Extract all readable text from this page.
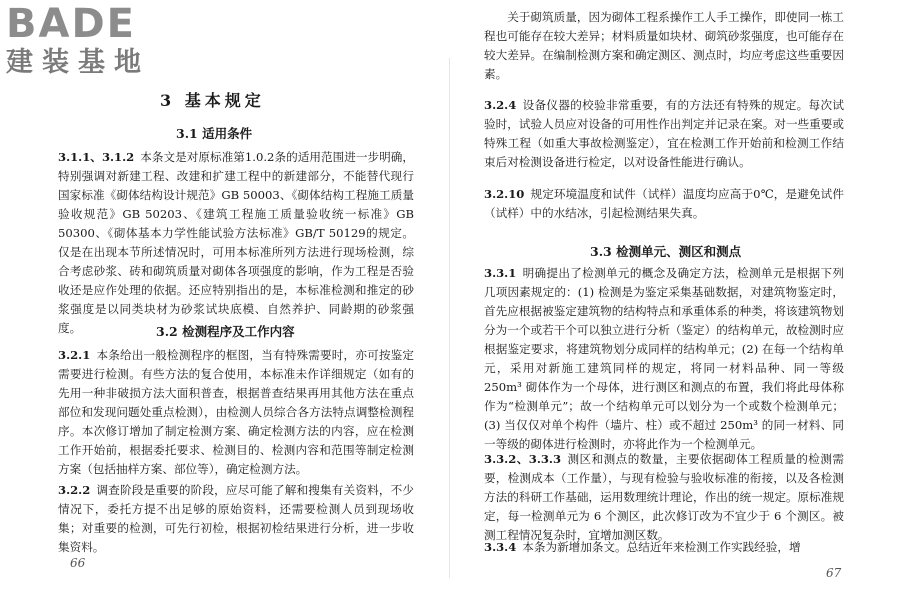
BADE
建装基地
3 基本规定
3.1 适用条件
3.1.1、3.1.2 本条文是对原标准第1.0.2条的适用范围进一步明确，特别强调对新建工程、改建和扩建工程中的新建部分，不能替代现行国家标准《砌体结构设计规范》GB 50003、《砌体结构工程施工质量验收规范》GB 50203、《建筑工程施工质量验收统一标准》GB 50300、《砌体基本力学性能试验方法标准》GB/T 50129的规定。仅是在出现本节所述情况时，可用本标准所列方法进行现场检测，综合考虑砂浆、砖和砌筑质量对砌体各项强度的影响，作为工程是否验收还是应作处理的依据。还应特别指出的是，本标准检测和推定的砂浆强度是以同类块材为砂浆试块底模、自然养护、同龄期的砂浆强度。	3.2 检测程序及工作内容
3.2.1 本条给出一般检测程序的框图，当有特殊需要时，亦可按鉴定需要进行检测。有些方法的复合使用，本标准未作详细规定（如有的先用一种非破损方法大面积普查，根据普查结果再用其他方法在重点部位和发现问题处重点检测），由检测人员综合各方法特点调整检测程序。本次修订增加了制定检测方案、确定检测方法的内容，应在检测工作开始前，根据委托要求、检测目的、检测内容和范围等制定检测方案（包括抽样方案、部位等），确定检测方法。
3.2.2 调查阶段是重要的阶段，应尽可能了解和搜集有关资料，不少情况下，委托方提不出足够的原始资料，还需要检测人员到现场收集；对重要的检测，可先行初检，根据初检结果进行分析，进一步收集资料。
66
关于砌筑质量，因为砌体工程系操作工人手工操作，即使同一栋工程也可能存在较大差异；材料质量如块材、砌筑砂浆强度，也可能存在较大差异。在编制检测方案和确定测区、测点时，均应考虑这些重要因素。
3.2.4 设备仪器的校验非常重要，有的方法还有特殊的规定。每次试验时，试验人员应对设备的可用性作出判定并记录在案。对一些重要或特殊工程（如重大事故检测鉴定），宜在检测工作开始前和检测工作结束后对检测设备进行检定，以对设备性能进行确认。
3.2.10 规定环境温度和试件（试样）温度均应高于0℃，是避免试件（试样）中的水结冰，引起检测结果失真。
3.3 检测单元、测区和测点
3.3.1 明确提出了检测单元的概念及确定方法，检测单元是根据下列几项因素规定的：(1) 检测是为鉴定采集基础数据，对建筑物鉴定时，首先应根据被鉴定建筑物的结构特点和承重体系的种类，将该建筑物划分为一个或若干个可以独立进行分析（鉴定）的结构单元，故检测时应根据鉴定要求，将建筑物划分成同样的结构单元；(2) 在每一个结构单元，采用对新施工建筑同样的规定，将同一材料品种、同一等级 250m³ 砌体作为一个母体，进行测区和测点的布置，我们将此母体称作为“检测单元”；故一个结构单元可以划分为一个或数个检测单元；(3) 当仅仅对单个构件（墙片、柱）或不超过 250m³ 的同一材料、同一等级的砌体进行检测时，亦将此作为一个检测单元。
3.3.2、3.3.3 测区和测点的数量，主要依据砌体工程质量的检测需要，检测成本（工作量），与现有检验与验收标准的衔接，以及各检测方法的科研工作基础，运用数理统计理论，作出的统一规定。原标准规定，每一检测单元为 6 个测区，此次修订改为不宜少于 6 个测区。被测工程情况复杂时，宜增加测区数。
3.3.4 本条为新增加条文。总结近年来检测工作实践经验，增
67
